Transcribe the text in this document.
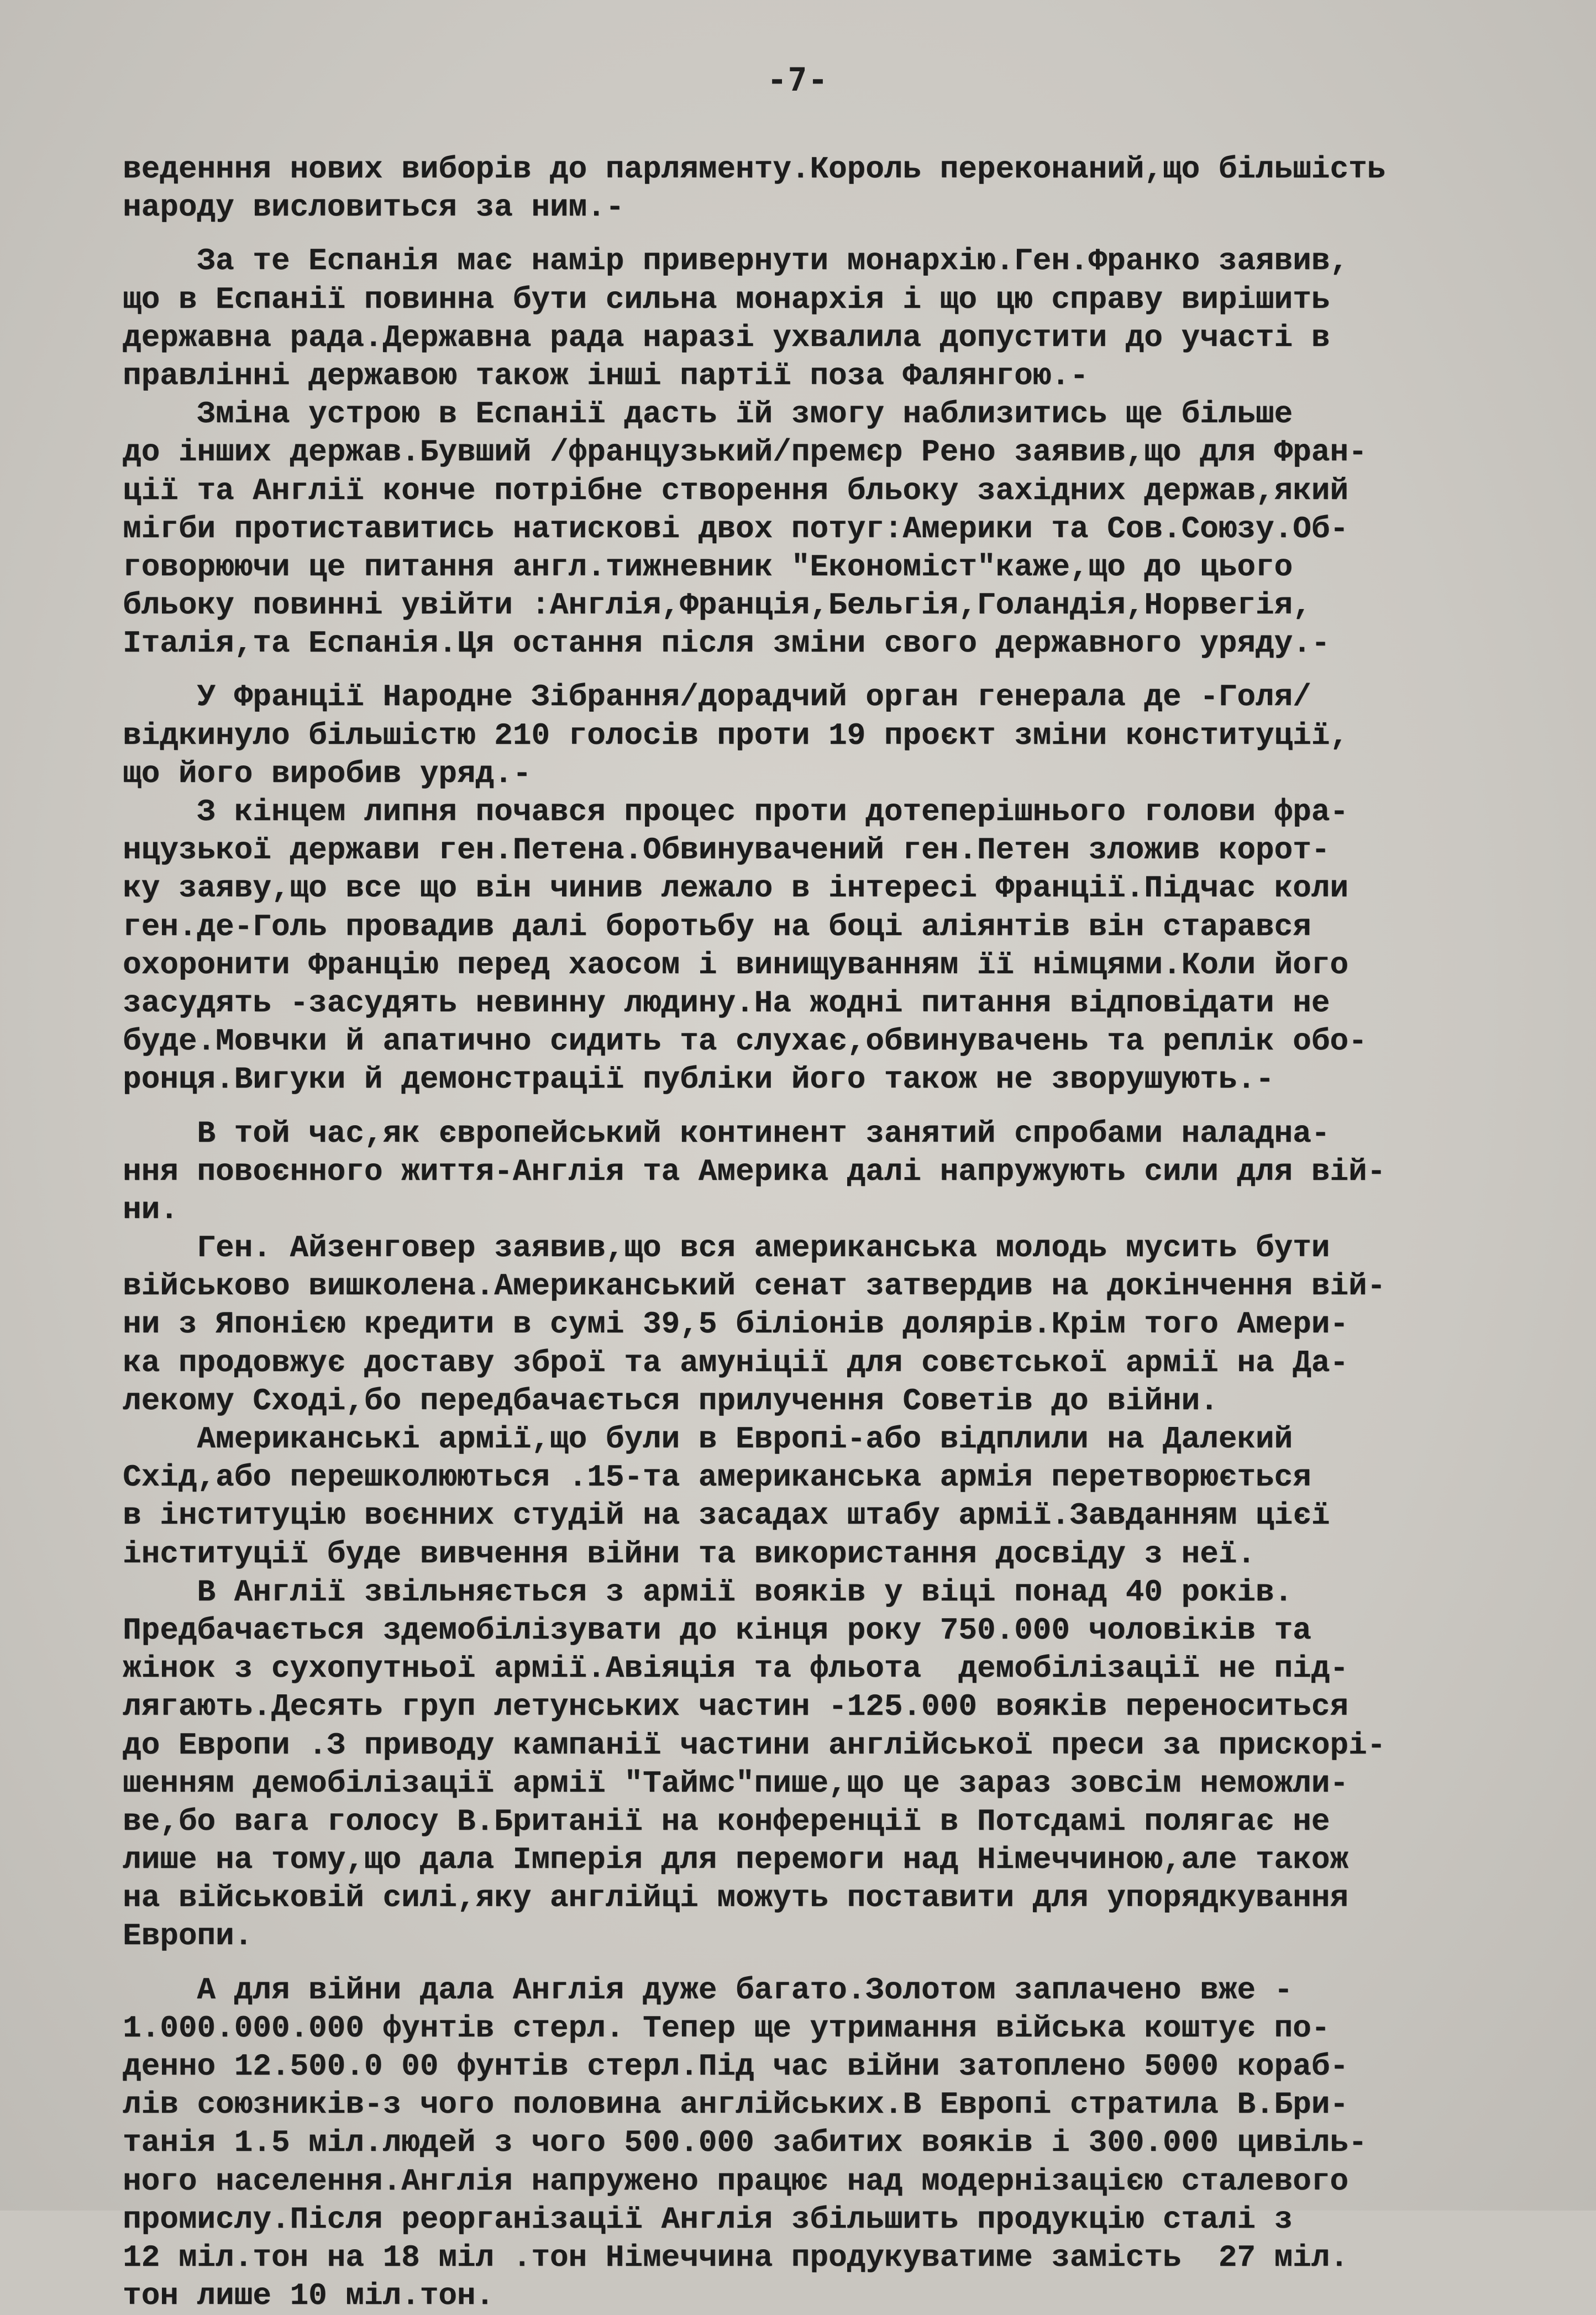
-7-
веденння нових виборів до парляменту.Король переконаний,що більшість
народу висловиться за ним.-
За те Еспанія має намір привернути монархію.Ген.Франко заявив,
що в Еспанії повинна бути сильна монархія і що цю справу вирішить
державна рада.Державна рада наразі ухвалила допустити до участі в
правлінні державою також інші партії поза Фалянгою.-
Зміна устрою в Еспанії дасть їй змогу наблизитись ще більше
до інших держав.Бувший /французький/премєр Рено заявив,що для Фран-
ції та Англії конче потрібне створення бльоку західних держав,який
мігби протиставитись натискові двох потуг:Америки та Сов.Союзу.Об-
говорюючи це питання англ.тижневник "Економіст"каже,що до цього
бльоку повинні увійти :Англія,Франція,Бельгія,Голандія,Норвегія,
Італія,та Еспанія.Ця остання після зміни свого державного уряду.-
У Франції Народне Зібрання/дорадчий орган генерала де -Голя/
відкинуло більшістю 210 голосів проти 19 проєкт зміни конституції,
що його виробив уряд.-
З кінцем липня почався процес проти дотеперішнього голови фра-
нцузької держави ген.Петена.Обвинувачений ген.Петен зложив корот-
ку заяву,що все що він чинив лежало в інтересі Франції.Підчас коли
ген.де-Голь провадив далі боротьбу на боці аліянтів він старався
охоронити Францію перед хаосом і винищуванням її німцями.Коли його
засудять -засудять невинну людину.На жодні питання відповідати не
буде.Мовчки й апатично сидить та слухає,обвинувачень та реплік обо-
ронця.Вигуки й демонстрації публіки його також не зворушують.-
В той час,як європейський континент занятий спробами наладна-
ння повоєнного життя-Англія та Америка далі напружують сили для вій-
ни.
Ген. Айзенговер заявив,що вся американська молодь мусить бути
військово вишколена.Американський сенат затвердив на докінчення вій-
ни з Японією кредити в сумі 39,5 біліонів долярів.Крім того Амери-
ка продовжує доставу зброї та амуніції для совєтської армії на Да-
лекому Сході,бо передбачається прилучення Советів до війни.
Американські армії,що були в Европі-або відплили на Далекий
Схід,або перешколюються .15-та американська армія перетворюється
в інституцію воєнних студій на засадах штабу армії.Завданням цієї
інституції буде вивчення війни та використання досвіду з неї.
В Англії звільняється з армії вояків у віці понад 40 років.
Предбачається здемобілізувати до кінця року 750.000 чоловіків та
жінок з сухопутньої армії.Авіяція та фльота  демобілізації не під-
лягають.Десять груп летунських частин -125.000 вояків переноситься
до Европи .З приводу кампанії частини англійської преси за прискорі-
шенням демобілізації армії "Таймс"пише,що це зараз зовсім неможли-
ве,бо вага голосу В.Британії на конференції в Потсдамі полягає не
лише на тому,що дала Імперія для перемоги над Німеччиною,але також
на військовій силі,яку англійці можуть поставити для упорядкування
Европи.
А для війни дала Англія дуже багато.Золотом заплачено вже -
1.000.000.000 фунтів стерл. Тепер ще утримання війська коштує по-
денно 12.500.0 00 фунтів стерл.Під час війни затоплено 5000 кораб-
лів союзників-з чого половина англійських.В Европі стратила В.Бри-
танія 1.5 міл.людей з чого 500.000 забитих вояків і 300.000 цивіль-
ного населення.Англія напружено працює над модернізацією сталевого
промислу.Після реорганізації Англія збільшить продукцію сталі з
12 міл.тон на 18 міл .тон Німеччина продукуватиме замість  27 міл.
тон лише 10 міл.тон.
